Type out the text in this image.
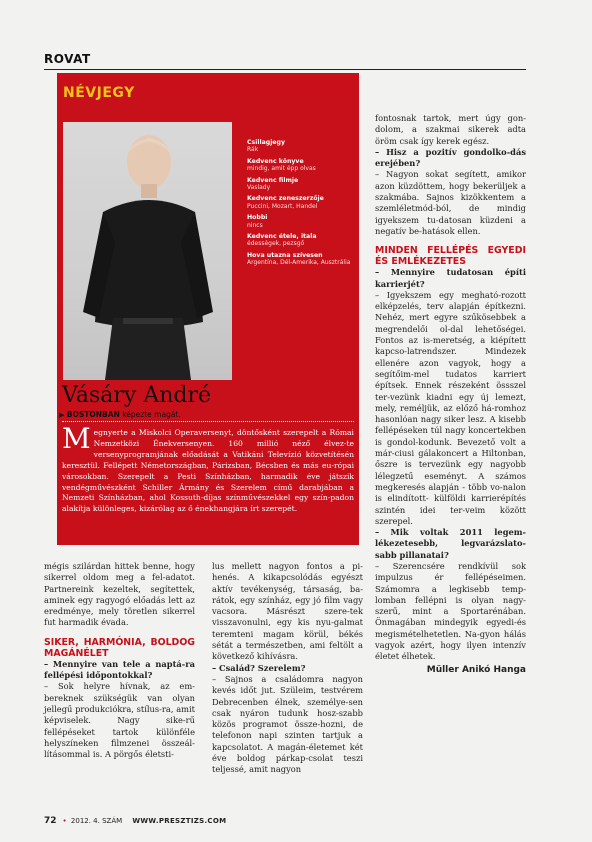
ROVAT
NÉVJEGY
Csillagjegy
Rák
Kedvenc könyve
mindig, amit épp olvas
Kedvenc filmje
Vaslady
Kedvenc zeneszerzője
Puccini, Mozart, Handel
Hobbi
nincs
Kedvenc étele, itala
édességek, pezsgő
Hova utazna szívesen
Argentína, Dél-Amerika, Ausztrália
Vásáry André
▶ BOSTONBAN képezte magát.
Megnyerte a Miskolci Operaversenyt, döntősként szerepelt a Római Nemzetközi Énekversenyen. 160 millió néző élvez-te versenyprogramjának előadását a Vatikáni Televízió közvetítésén keresztül. Fellépett Németországban, Párizsban, Bécsben és más eu-rópai városokban. Szerepelt a Pesti Színházban, harmadik éve játszik vendégművészként Schiller Ármány és Szerelem című darabjában a Nemzeti Színházban, ahol Kossuth-díjas színművészekkel egy szín-padon alakítja különleges, kizárólag az ő énekhangjára írt szerepét.

mégis szilárdan hittek benne, hogy sikerrel oldom meg a fel-adatot. Partnereink kezeltek, segítettek, aminek egy ragyogó előadás lett az eredménye, mely töretlen sikerrel fut harmadik évada.

SIKER, HARMÓNIA, BOLDOG MAGÁNÉLET

– Mennyire van tele a naptá-ra fellépési időpontokkal?

– Sok helyre hívnak, az em-bereknek szükségük van olyan jellegű produkciókra, stílus-ra, amit képviselek. Nagy sike-rű fellépéseket tartok különféle helyszíneken filmzenei összeál-lításommal is. A pörgős életsti-

lus mellett nagyon fontos a pi-henés. A kikapcsolódás egyészt aktív tevékenység, társaság, ba-rátok, egy színház, egy jó film vagy vacsora. Másrészt szere-tek visszavonulni, egy kis nyu-galmat teremteni magam körül, békés sétát a természetben, ami feltölt a következő kihívásra.

– Család? Szerelem?

– Sajnos a családomra nagyon kevés időt jut. Szüleim, testvérem Debrecenben élnek, személye-sen csak nyáron tudunk hosz-szabb közös programot össze-hozni, de telefonon napi szinten tartjuk a kapcsolatot. A magán-életemet két éve boldog párkap-csolat teszi teljessé, amit nagyon

fontosnak tartok, mert úgy gon-dolom, a szakmai sikerek adta öröm csak így kerek egész.

– Hisz a pozitív gondolko-dás erejében?

– Nagyon sokat segített, amikor azon küzdöttem, hogy bekerüljek a szakmába. Sajnos kizökkentem a szemléletmód-ból, de mindig igyekszem tu-datosan küzdeni a negatív be-hatások ellen.

MINDEN FELLÉPÉS EGYEDI ÉS EMLÉKEZETES

– Mennyire tudatosan építi karrierjét?

– Igyekszem egy megható-rozott elképzelés, terv alapján építkezni. Nehéz, mert egyre szűkösebbek a megrendelői ol-dal lehetőségei. Fontos az is-meretség, a kiépített kapcso-latrendszer. Mindezek ellenére azon vagyok, hogy a segítőim-mel tudatos karriert építsek. Ennek részeként össszel ter-vezünk kiadni egy új lemezt, mely, reméljük, az előző há-romhoz hasonlóan nagy siker lesz. A kisebb fellépéseken túl nagy koncertekben is gondol-kodunk. Bevezető volt a már-ciusi gálakoncert a Hiltonban, őszre is tervezünk egy nagyobb lélegzetű eseményt. A számos megkeresés alapján - több vo-nalon is elindított- külföldi karrierépítés szintén idei ter-veim között szerepel.

– Mik voltak 2011 legem-lékezetesebb, legvarázslato-sabb pillanatai?

– Szerencsére rendkívül sok impulzus ér fellépéseimen. Számomra a legkisebb temp-lomban fellépni is olyan nagy-szerű, mint a Sportarénában. Önmagában mindegyik egyedi-és megismételhetetlen. Na-gyon hálás vagyok azért, hogy ilyen intenzív életet élhetek.

Müller Anikó Hanga
72 • 2012. 4. SZÁM WWW.PRESZTIZS.COM
